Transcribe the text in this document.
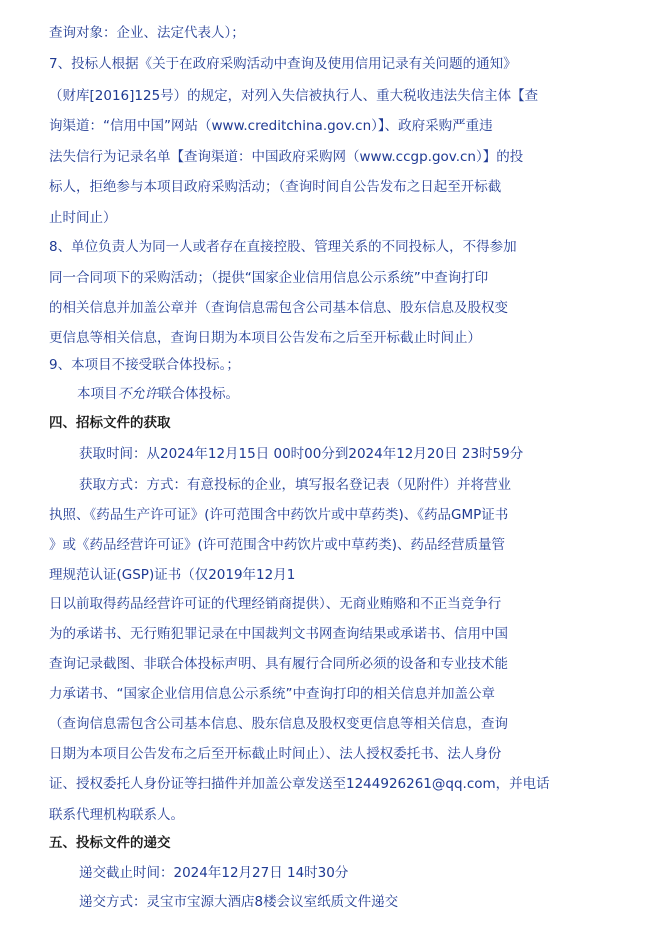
查询对象：企业、法定代表人）；
7、投标人根据《关于在政府采购活动中查询及使用信用记录有关问题的通知》
（财库[2016]125号）的规定，对列入失信被执行人、重大税收违法失信主体【查
询渠道：“信用中国”网站（www.creditchina.gov.cn）】、政府采购严重违
法失信行为记录名单【查询渠道：中国政府采购网（www.ccgp.gov.cn）】的投
标人，拒绝参与本项目政府采购活动；（查询时间自公告发布之日起至开标截
止时间止）
8、单位负责人为同一人或者存在直接控股、管理关系的不同投标人，不得参加
同一合同项下的采购活动；（提供“国家企业信用信息公示系统”中查询打印
的相关信息并加盖公章并（查询信息需包含公司基本信息、股东信息及股权变
更信息等相关信息，查询日期为本项目公告发布之后至开标截止时间止）
9、本项目不接受联合体投标。；
本项目不允许联合体投标。
四、招标文件的获取
获取时间：从2024年12月15日 00时00分到2024年12月20日 23时59分
获取方式：方式：有意投标的企业，填写报名登记表（见附件）并将营业
执照、《药品生产许可证》(许可范围含中药饮片或中草药类)、《药品GMP证书
》或《药品经营许可证》(许可范围含中药饮片或中草药类)、药品经营质量管
理规范认证(GSP)证书（仅2019年12月1
日以前取得药品经营许可证的代理经销商提供）、无商业贿赂和不正当竞争行
为的承诺书、无行贿犯罪记录在中国裁判文书网查询结果或承诺书、信用中国
查询记录截图、非联合体投标声明、具有履行合同所必须的设备和专业技术能
力承诺书、“国家企业信用信息公示系统”中查询打印的相关信息并加盖公章
（查询信息需包含公司基本信息、股东信息及股权变更信息等相关信息，查询
日期为本项目公告发布之后至开标截止时间止）、法人授权委托书、法人身份
证、授权委托人身份证等扫描件并加盖公章发送至1244926261@qq.com，并电话
联系代理机构联系人。
五、投标文件的递交
递交截止时间：2024年12月27日 14时30分
递交方式：灵宝市宝源大酒店8楼会议室纸质文件递交
